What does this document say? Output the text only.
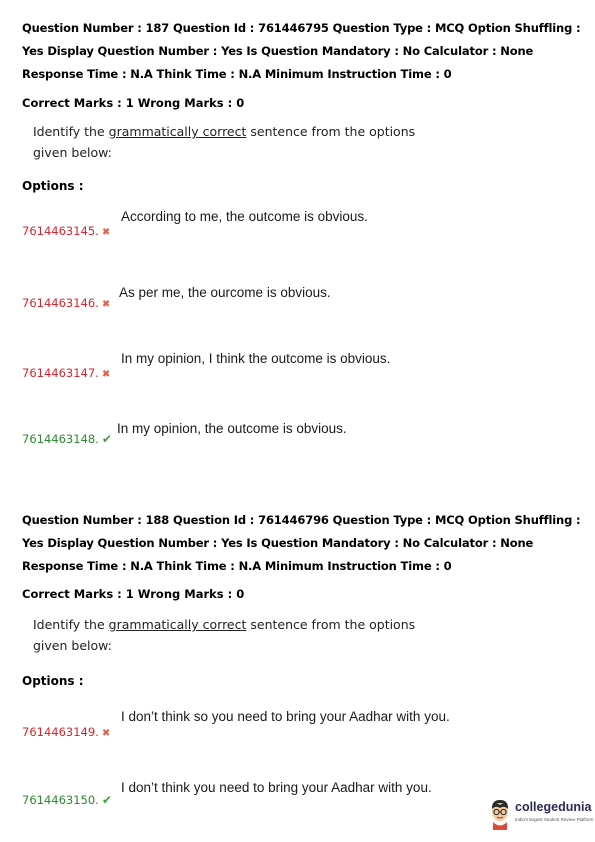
Question Number : 187 Question Id : 761446795 Question Type : MCQ Option Shuffling : Yes Display Question Number : Yes Is Question Mandatory : No Calculator : None Response Time : N.A Think Time : N.A Minimum Instruction Time : 0
Correct Marks : 1 Wrong Marks : 0
Identify the grammatically correct sentence from the options given below:
Options :
7614463145. ✖
According to me, the outcome is obvious.
7614463146. ✖
As per me, the ourcome is obvious.
7614463147. ✖
In my opinion, I think the outcome is obvious.
7614463148. ✔
In my opinion, the outcome is obvious.
Question Number : 188 Question Id : 761446796 Question Type : MCQ Option Shuffling : Yes Display Question Number : Yes Is Question Mandatory : No Calculator : None Response Time : N.A Think Time : N.A Minimum Instruction Time : 0
Correct Marks : 1 Wrong Marks : 0
Identify the grammatically correct sentence from the options given below:
Options :
7614463149. ✖
I don’t think so you need to bring your Aadhar with you.
7614463150. ✔
I don’t think you need to bring your Aadhar with you.
collegedunia
India's largest Student Review Platform
